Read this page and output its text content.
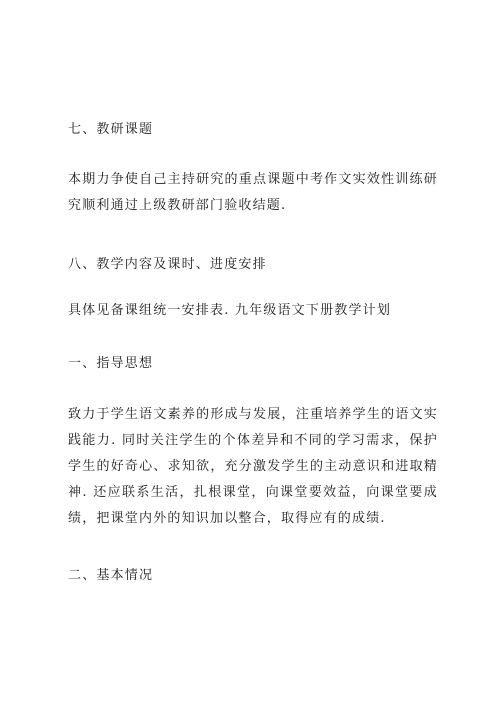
七、教研课题
本期力争使自己主持研究的重点课题中考作文实效性训练研究顺利通过上级教研部门验收结题.
八、教学内容及课时、进度安排
具体见备课组统一安排表. 九年级语文下册教学计划
一、指导思想
致力于学生语文素养的形成与发展，注重培养学生的语文实践能力. 同时关注学生的个体差异和不同的学习需求，保护学生的好奇心、求知欲，充分激发学生的主动意识和进取精神. 还应联系生活，扎根课堂，向课堂要效益，向课堂要成绩，把课堂内外的知识加以整合，取得应有的成绩.
二、基本情况
